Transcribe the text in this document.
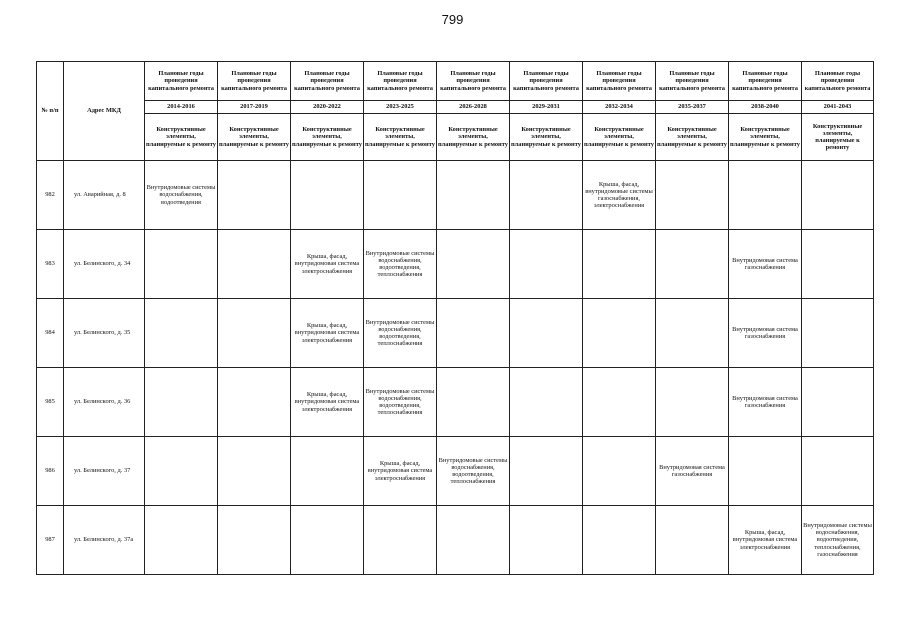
799
№ п/п	Адрес МКД	Плановые годы проведения капитального ремонта	Плановые годы проведения капитального ремонта	Плановые годы проведения капитального ремонта	Плановые годы проведения капитального ремонта	Плановые годы проведения капитального ремонта	Плановые годы проведения капитального ремонта	Плановые годы проведения капитального ремонта	Плановые годы проведения капитального ремонта	Плановые годы проведения капитального ремонта	Плановые годы проведения капитального ремонта
		2014-2016	2017-2019	2020-2022	2023-2025	2026-2028	2029-2031	2032-2034	2035-2037	2038-2040	2041-2043
		Конструктивные элементы, планируемые к ремонту	Конструктивные элементы, планируемые к ремонту	Конструктивные элементы, планируемые к ремонту	Конструктивные элементы, планируемые к ремонту	Конструктивные элементы, планируемые к ремонту	Конструктивные элементы, планируемые к ремонту	Конструктивные элементы, планируемые к ремонту	Конструктивные элементы, планируемые к ремонту	Конструктивные элементы, планируемые к ремонту	Конструктивные элементы, планируемые к ремонту
982	ул. Аварийная, д. 8	Внутридомовые системы водоснабжения, водоотведения						Крыша, фасад, внутридомовые системы газоснабжения, электроснабжения			
983	ул. Белинского, д. 34			Крыша, фасад, внутридомовая система электроснабжения	Внутридомовые системы водоснабжения, водоотведения, теплоснабжения					Внутридомовая система газоснабжения	
984	ул. Белинского, д. 35			Крыша, фасад, внутридомовая система электроснабжения	Внутридомовые системы водоснабжения, водоотведения, теплоснабжения					Внутридомовая система газоснабжения	
985	ул. Белинского, д. 36			Крыша, фасад, внутридомовая система электроснабжения	Внутридомовые системы водоснабжения, водоотведения, теплоснабжения					Внутридомовая система газоснабжения	
986	ул. Белинского, д. 37				Крыша, фасад, внутридомовая система электроснабжения	Внутридомовые системы водоснабжения, водоотведения, теплоснабжения			Внутридомовая система газоснабжения		
987	ул. Белинского, д. 37а									Крыша, фасад, внутридомовая система электроснабжения	Внутридомовые системы водоснабжения, водоотведения, теплоснабжения, газоснабжения
